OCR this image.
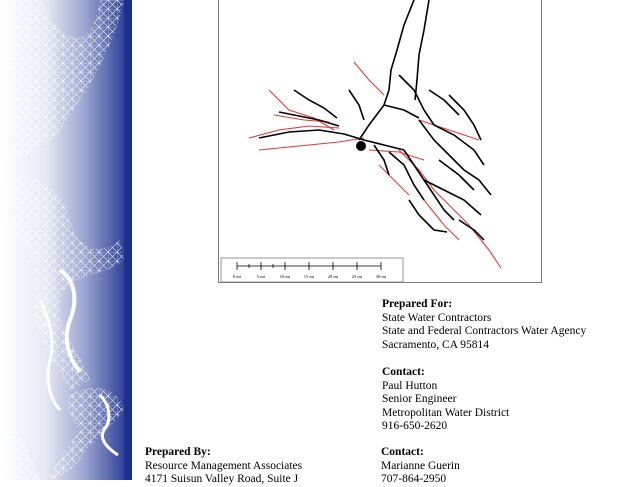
0 mi	5 mi	10 mi	15 mi	20 mi	25 mi	30 mi
Prepared For:
State Water Contractors
State and Federal Contractors Water Agency
Sacramento, CA 95814
Contact:
Paul Hutton
Senior Engineer
Metropolitan Water District
916-650-2620
Prepared By:
Resource Management Associates
4171 Suisun Valley Road, Suite J
Contact:
Marianne Guerin
707-864-2950
